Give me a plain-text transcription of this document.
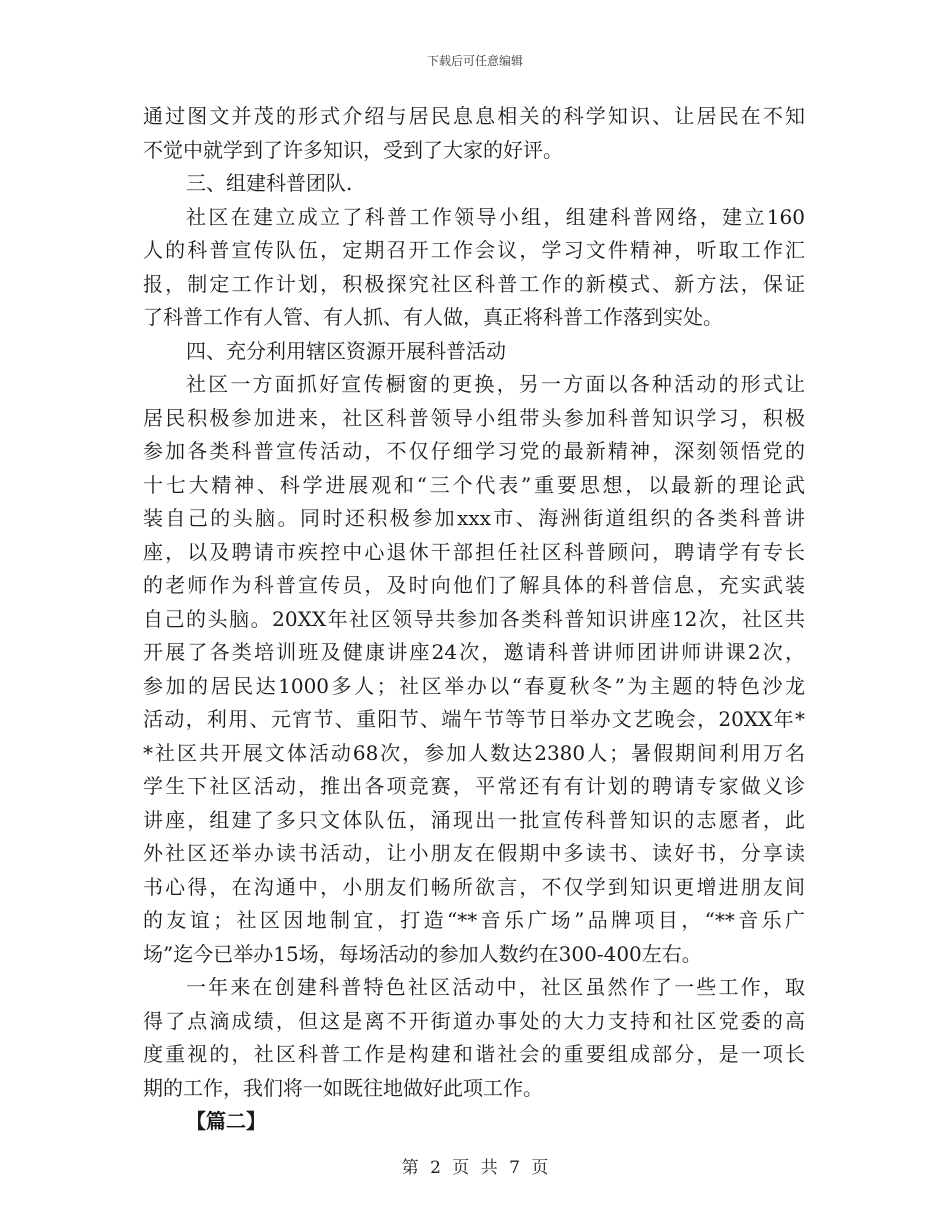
下载后可任意编辑
通过图文并茂的形式介绍与居民息息相关的科学知识、让居民在不知
不觉中就学到了许多知识，受到了大家的好评。
三、组建科普团队.
社区在建立成立了科普工作领导小组，组建科普网络，建立160
人的科普宣传队伍，定期召开工作会议，学习文件精神，听取工作汇
报，制定工作计划，积极探究社区科普工作的新模式、新方法，保证
了科普工作有人管、有人抓、有人做，真正将科普工作落到实处。
四、充分利用辖区资源开展科普活动
社区一方面抓好宣传橱窗的更换，另一方面以各种活动的形式让
居民积极参加进来，社区科普领导小组带头参加科普知识学习，积极
参加各类科普宣传活动，不仅仔细学习党的最新精神，深刻领悟党的
十七大精神、科学进展观和“三个代表”重要思想，以最新的理论武
装自己的头脑。同时还积极参加xxx市、海洲街道组织的各类科普讲
座，以及聘请市疾控中心退休干部担任社区科普顾问，聘请学有专长
的老师作为科普宣传员，及时向他们了解具体的科普信息，充实武装
自己的头脑。20XX年社区领导共参加各类科普知识讲座12次，社区共
开展了各类培训班及健康讲座24次，邀请科普讲师团讲师讲课2次，
参加的居民达1000多人；社区举办以“春夏秋冬”为主题的特色沙龙
活动，利用、元宵节、重阳节、端午节等节日举办文艺晚会，20XX年*
*社区共开展文体活动68次，参加人数达2380人；暑假期间利用万名
学生下社区活动，推出各项竞赛，平常还有有计划的聘请专家做义诊
讲座，组建了多只文体队伍，涌现出一批宣传科普知识的志愿者，此
外社区还举办读书活动，让小朋友在假期中多读书、读好书，分享读
书心得，在沟通中，小朋友们畅所欲言，不仅学到知识更增进朋友间
的友谊；社区因地制宜，打造“**音乐广场”品牌项目，“**音乐广
场”迄今已举办15场，每场活动的参加人数约在300-400左右。
一年来在创建科普特色社区活动中，社区虽然作了一些工作，取
得了点滴成绩，但这是离不开街道办事处的大力支持和社区党委的高
度重视的，社区科普工作是构建和谐社会的重要组成部分，是一项长
期的工作，我们将一如既往地做好此项工作。
【篇二】
第 2 页 共 7 页
